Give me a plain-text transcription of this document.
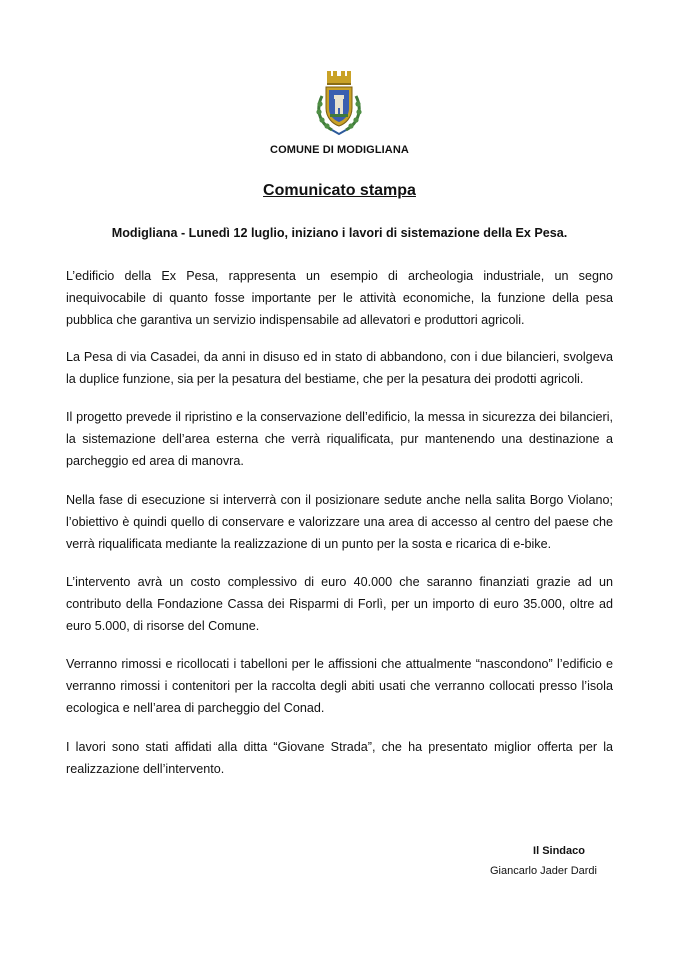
COMUNE DI MODIGLIANA
Comunicato stampa
Modigliana - Lunedì 12 luglio, iniziano i lavori di sistemazione della Ex Pesa.
L’edificio della Ex Pesa, rappresenta un esempio di archeologia industriale, un segno inequivocabile di quanto fosse importante per le attività economiche, la funzione della pesa pubblica che garantiva un servizio indispensabile ad allevatori e produttori agricoli.
La Pesa di via Casadei, da anni in disuso ed in stato di abbandono, con i due bilancieri, svolgeva la duplice funzione, sia per la pesatura del bestiame, che per la pesatura dei prodotti agricoli.
Il progetto prevede il ripristino e la conservazione dell’edificio, la messa in sicurezza dei bilancieri, la sistemazione dell’area esterna che verrà riqualificata, pur mantenendo una destinazione a parcheggio ed area di manovra.
Nella fase di esecuzione si interverrà con il posizionare sedute anche nella salita Borgo Violano; l’obiettivo è quindi quello di conservare e valorizzare una area di accesso al centro del paese che verrà riqualificata mediante la realizzazione di un punto per la sosta e ricarica di e-bike.
L’intervento avrà un costo complessivo di euro 40.000 che saranno finanziati grazie ad un contributo della Fondazione Cassa dei Risparmi di Forlì, per un importo di euro 35.000, oltre ad euro 5.000, di risorse del Comune.
Verranno rimossi e ricollocati i tabelloni per le affissioni che attualmente “nascondono” l’edificio e verranno rimossi i contenitori per la raccolta degli abiti usati che verranno collocati presso l’isola ecologica e nell’area di parcheggio del Conad.
I lavori sono stati affidati alla ditta “Giovane Strada”, che ha presentato miglior offerta per la realizzazione dell’intervento.
Il Sindaco
Giancarlo Jader Dardi
